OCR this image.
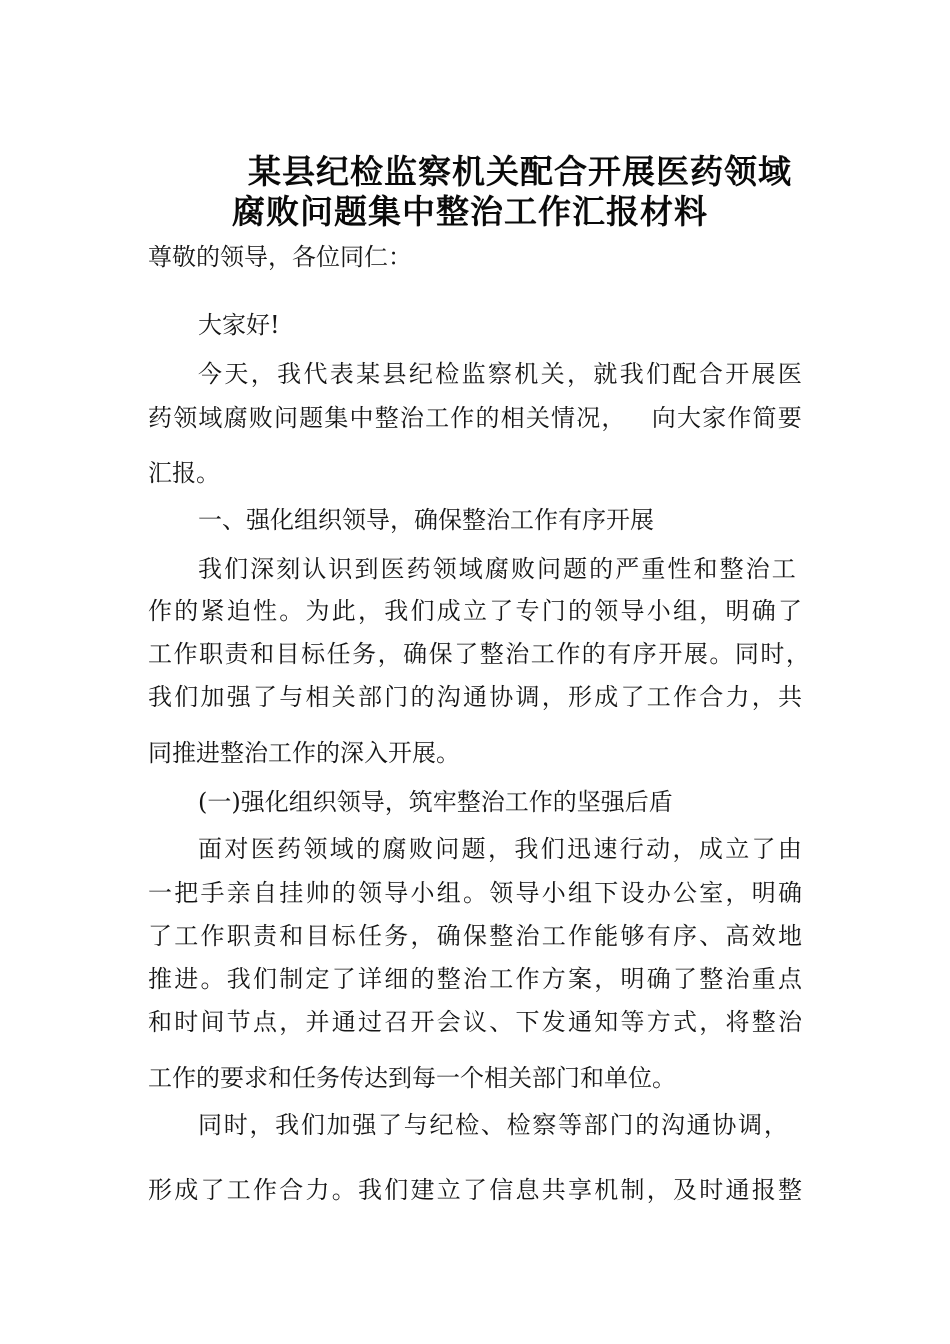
某县纪检监察机关配合开展医药领域
腐败问题集中整治工作汇报材料
尊敬的领导，各位同仁：
大家好!
今 天 ， 我 代 表 某 县 纪 检 监 察 机 关 ， 就 我 们 配 合 开 展 医
药 领 域 腐 败 问 题 集 中 整 治 工 作 的 相 关 情 况 ，
　 向 大 家 作 简 要
汇报。
一、强化组织领导，确保整治工作有序开展
我 们 深 刻 认 识 到 医 药 领 域 腐 败 问 题 的 严 重 性 和 整 治 工
作 的 紧 迫 性 。 为 此 ， 我 们 成 立 了 专 门 的 领 导 小 组 ， 明 确 了
工 作 职 责 和 目 标 任 务 ， 确 保 了 整 治 工 作 的 有 序 开 展 。 同 时 ，
我 们 加 强 了 与 相 关 部 门 的 沟 通 协 调 ， 形 成 了 工 作 合 力 ， 共
同推进整治工作的深入开展。
(一)强化组织领导，筑牢整治工作的坚强后盾
面 对 医 药 领 域 的 腐 败 问 题 ， 我 们 迅 速 行 动 ， 成 立 了 由
一 把 手 亲 自 挂 帅 的 领 导 小 组 。 领 导 小 组 下 设 办 公 室 ， 明 确
了 工 作 职 责 和 目 标 任 务 ， 确 保 整 治 工 作 能 够 有 序 、 高 效 地
推 进 。 我 们 制 定 了 详 细 的 整 治 工 作 方 案 ， 明 确 了 整 治 重 点
和 时 间 节 点 ， 并 通 过 召 开 会 议 、 下 发 通 知 等 方 式 ， 将 整 治
工作的要求和任务传达到每一个相关部门和单位。
同 时 ， 我 们 加 强 了 与 纪 检 、 检 察 等 部 门 的 沟 通 协 调 ，
形 成 了 工 作 合 力 。 我 们 建 立 了 信 息 共 享 机 制 ， 及 时 通 报 整
